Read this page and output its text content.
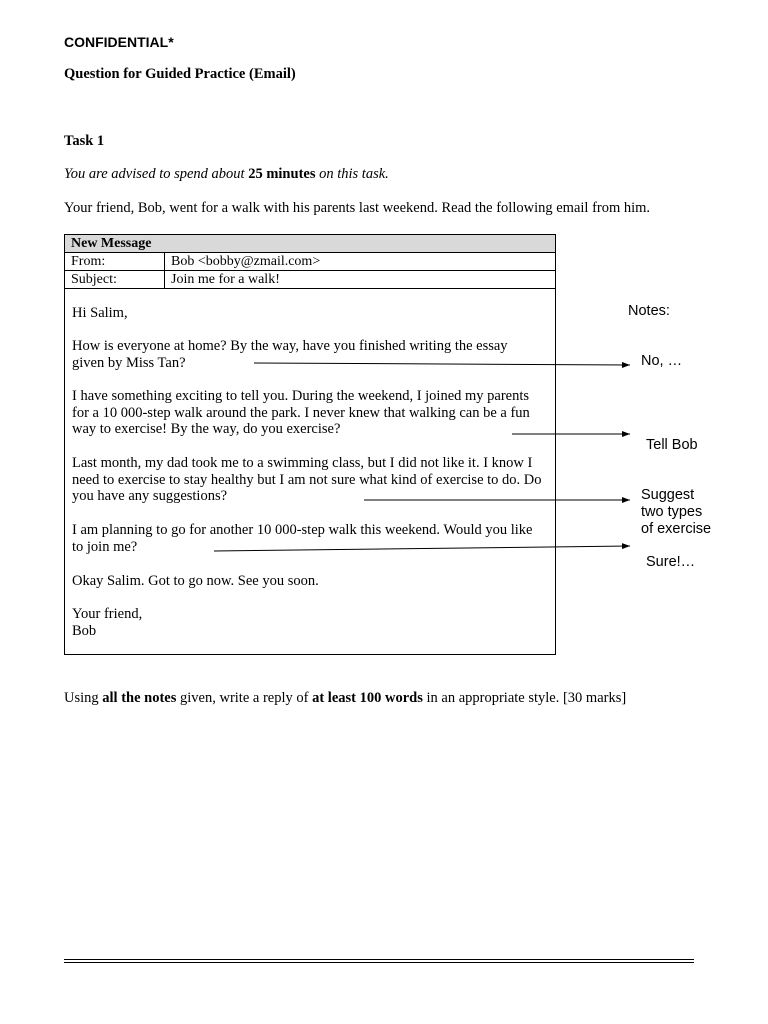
CONFIDENTIAL*
Question for Guided Practice (Email)
Task 1
You are advised to spend about 25 minutes on this task.
Your friend, Bob, went for a walk with his parents last weekend. Read the following email from him.
New Message
From:	Bob <bobby@zmail.com>
Subject:	Join me for a walk!
Hi Salim,
How is everyone at home? By the way, have you finished writing the essay given by Miss Tan?
I have something exciting to tell you. During the weekend, I joined my parents for a 10 000-step walk around the park. I never knew that walking can be a fun way to exercise! By the way, do you exercise?
Last month, my dad took me to a swimming class, but I did not like it. I know I need to exercise to stay healthy but I am not sure what kind of exercise to do. Do you have any suggestions?
I am planning to go for another 10 000-step walk this weekend. Would you like to join me?
Okay Salim. Got to go now. See you soon.
Your friend,
Bob
Notes:
No, …
Tell Bob
Suggest
two types
of exercise
Sure!…
Using all the notes given, write a reply of at least 100 words in an appropriate style. [30 marks]
